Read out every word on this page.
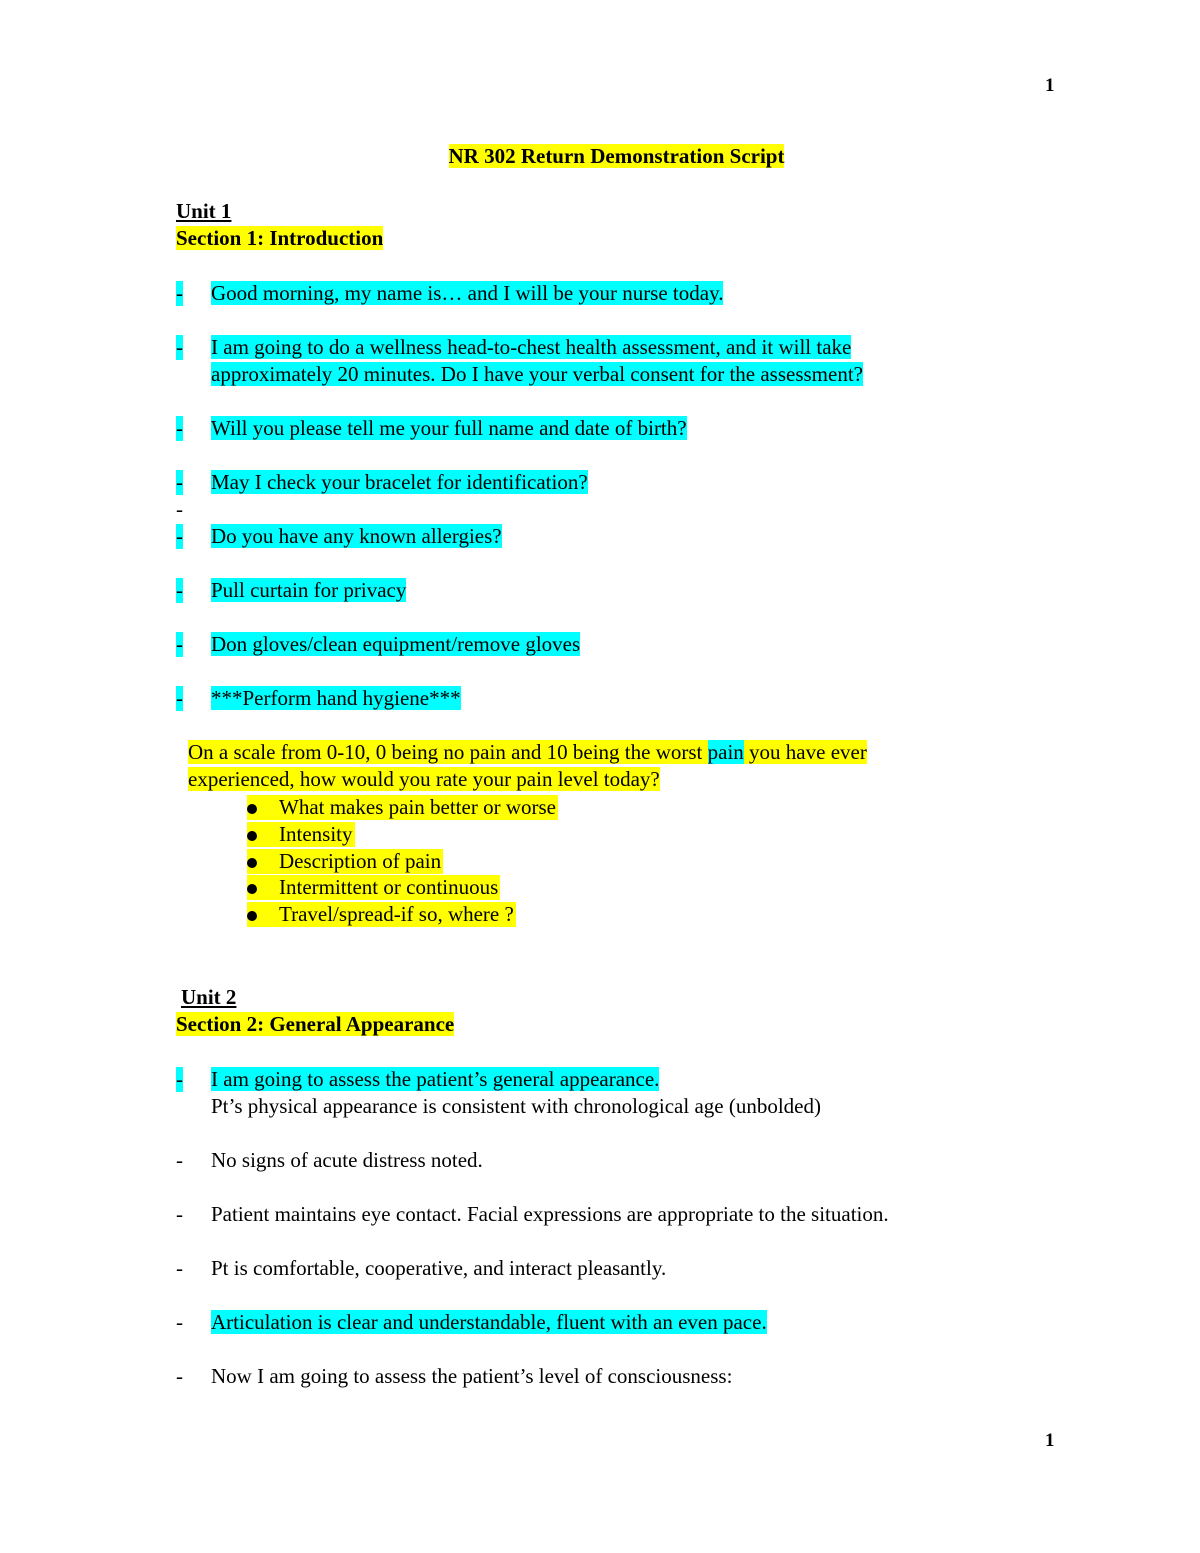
1
1
NR 302 Return Demonstration Script
Unit 1
Section 1: Introduction
- Good morning, my name is… and I will be your nurse today.
- I am going to do a wellness head-to-chest health assessment, and it will take
approximately 20 minutes. Do I have your verbal consent for the assessment?
- Will you please tell me your full name and date of birth?
- May I check your bracelet for identification?
-
- Do you have any known allergies?
- Pull curtain for privacy
- Don gloves/clean equipment/remove gloves
- ***Perform hand hygiene***
On a scale from 0-10, 0 being no pain and 10 being the worst pain you have ever
experienced, how would you rate your pain level today?
What makes pain better or worse
Intensity
Description of pain
Intermittent or continuous
Travel/spread-if so, where ?
Unit 2
Section 2: General Appearance
- I am going to assess the patient’s general appearance.
Pt’s physical appearance is consistent with chronological age (unbolded)
- No signs of acute distress noted.
- Patient maintains eye contact. Facial expressions are appropriate to the situation.
- Pt is comfortable, cooperative, and interact pleasantly.
- Articulation is clear and understandable, fluent with an even pace.
- Now I am going to assess the patient’s level of consciousness:
